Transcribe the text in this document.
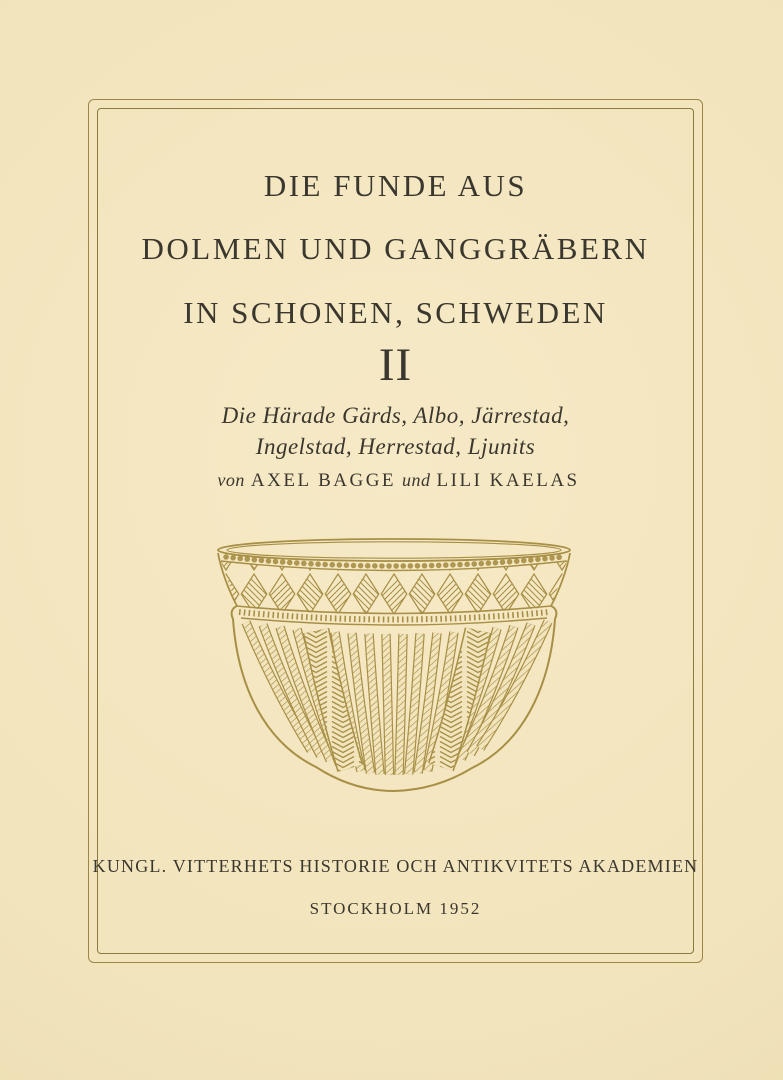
DIE FUNDE AUS
DOLMEN UND GANGGRÄBERN
IN SCHONEN, SCHWEDEN
II
Die Härade Gärds, Albo, Järrestad,
Ingelstad, Herrestad, Ljunits
von AXEL BAGGE und LILI KAELAS
KUNGL. VITTERHETS HISTORIE OCH ANTIKVITETS AKADEMIEN
STOCKHOLM 1952
